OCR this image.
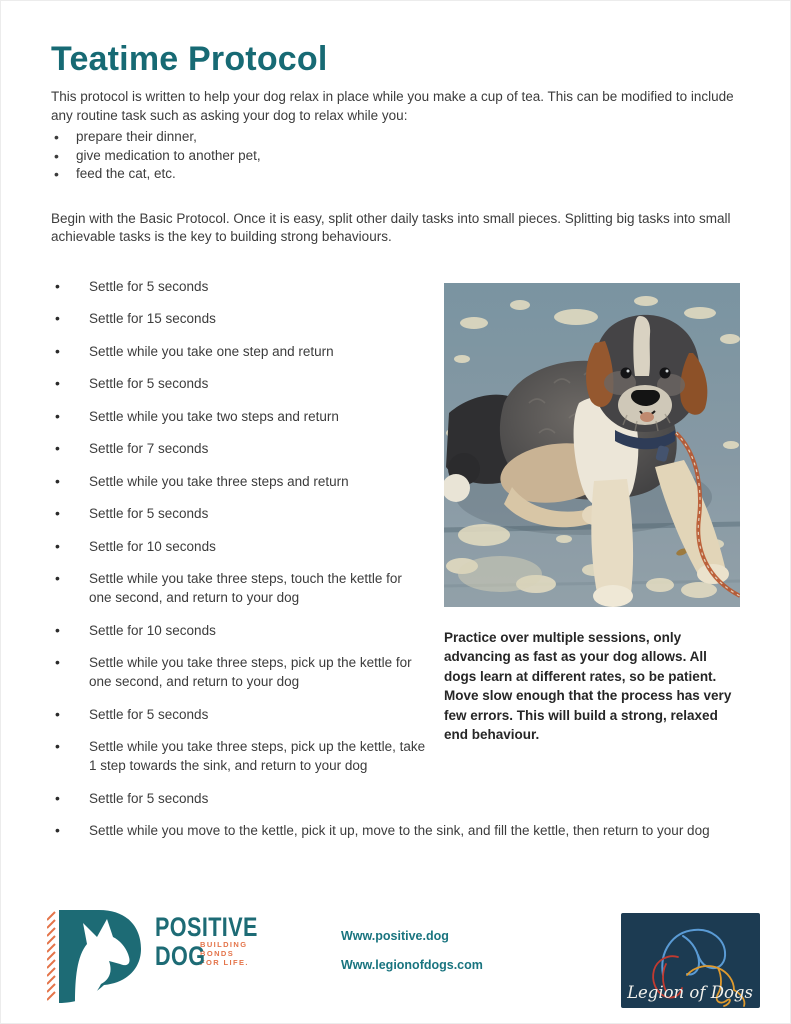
Teatime Protocol

This protocol is written to help your dog relax in place while you make a cup of tea. This can be modified to include any routine task such as asking your dog to relax while you:

• prepare their dinner,
• give medication to another pet,
• feed the cat, etc.

Begin with the Basic Protocol. Once it is easy, split other daily tasks into small pieces. Splitting big tasks into small achievable tasks is the key to building strong behaviours.

Practice over multiple sessions, only advancing as fast as your dog allows. All dogs learn at different rates, so be patient. Move slow enough that the process has very few errors. This will build a strong, relaxed end behaviour.
• Settle for 5 seconds
• Settle for 15 seconds
• Settle while you take one step and return
• Settle for 5 seconds
• Settle while you take two steps and return
• Settle for 7 seconds
• Settle while you take three steps and return
• Settle for 5 seconds
• Settle for 10 seconds
• Settle while you take three steps, touch the kettle for one second, and return to your dog
• Settle for 10 seconds
• Settle while you take three steps, pick up the kettle for one second, and return to your dog
• Settle for 5 seconds
• Settle while you take three steps, pick up the kettle, take 1 step towards the sink, and return to your dog
• Settle for 5 seconds
• Settle while you move to the kettle, pick it up, move to the sink, and fill the kettle, then return to your dog
POSITIVE
DOG
BUILDING
BONDS
FOR LIFE.
Www.positive.dog
Www.legionofdogs.com
Legion of Dogs
